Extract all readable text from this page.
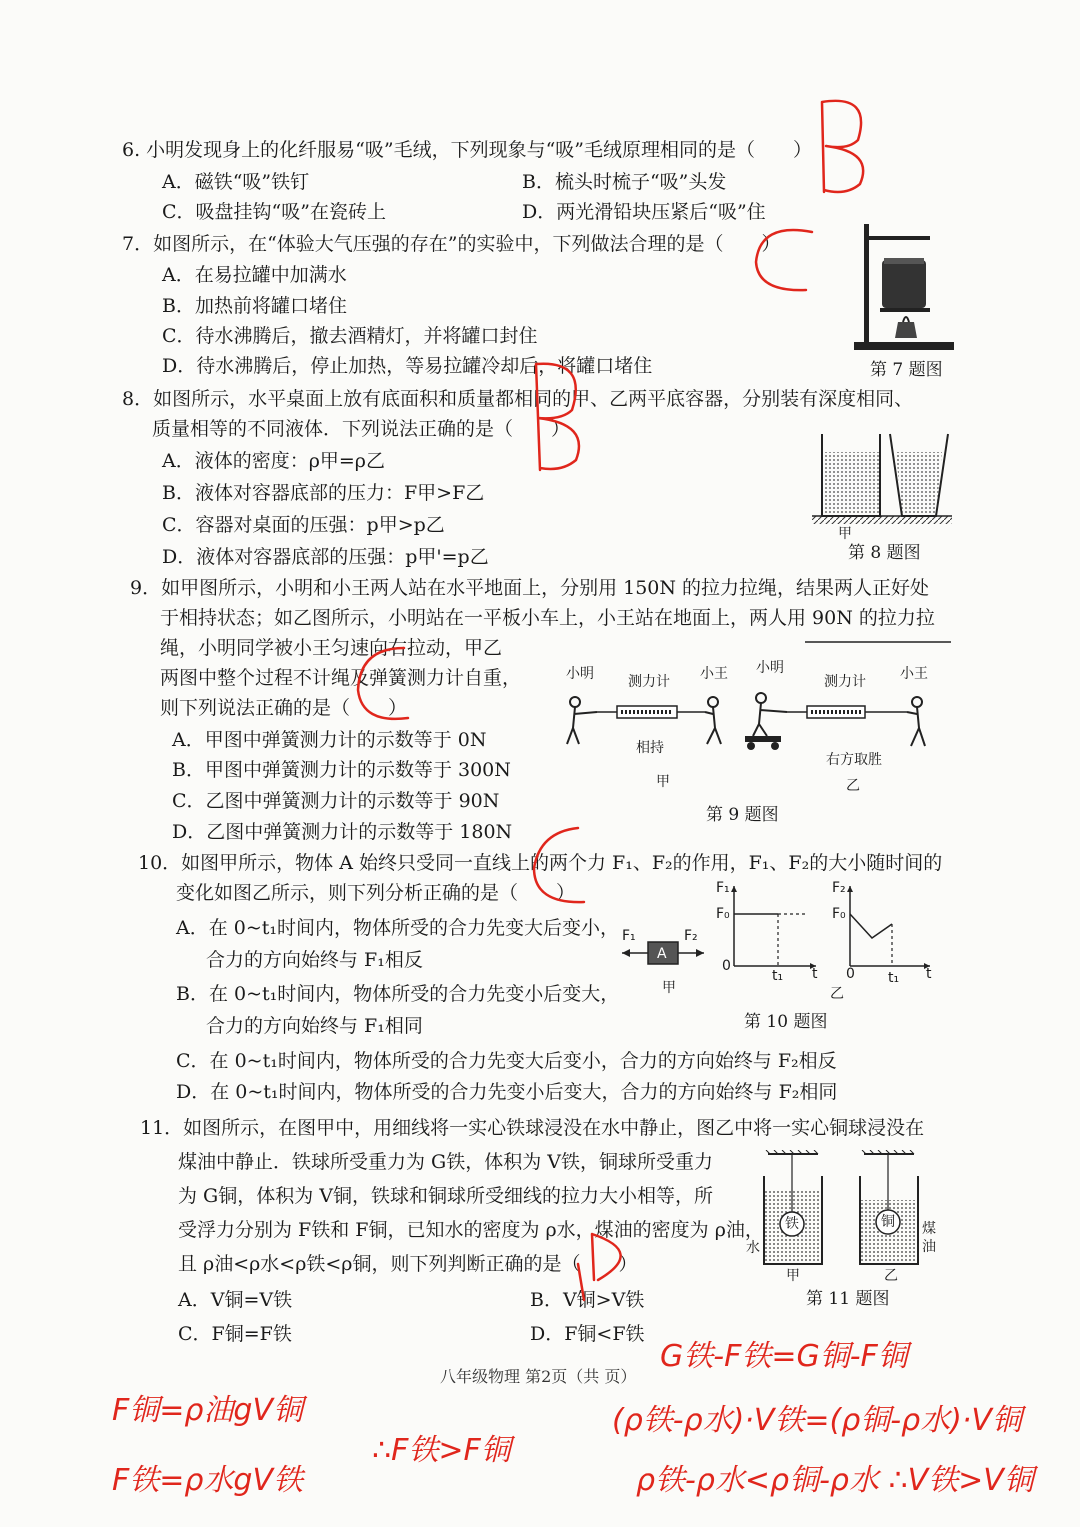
6. 小明发现身上的化纤服易“吸”毛绒，下列现象与“吸”毛绒原理相同的是（　　）
A．磁铁“吸”铁钉	B．梳头时梳子“吸”头发
C．吸盘挂钩“吸”在瓷砖上	D．两光滑铅块压紧后“吸”住
7．如图所示，在“体验大气压强的存在”的实验中，下列做法合理的是（　　）
A．在易拉罐中加满水
B．加热前将罐口堵住
C．待水沸腾后，撤去酒精灯，并将罐口封住
D．待水沸腾后，停止加热，等易拉罐冷却后，将罐口堵住	第 7 题图
8．如图所示，水平桌面上放有底面积和质量都相同的甲、乙两平底容器，分别装有深度相同、
质量相等的不同液体．下列说法正确的是（　　）
A．液体的密度：ρ甲=ρ乙
B．液体对容器底部的压力：F甲>F乙
C．容器对桌面的压强：p甲>p乙
D．液体对容器底部的压强：p甲'=p乙
甲
第 8 题图
9．如甲图所示，小明和小王两人站在水平地面上，分别用 150N 的拉力拉绳，结果两人正好处
于相持状态；如乙图所示，小明站在一平板小车上，小王站在地面上，两人用 90N 的拉力拉
绳，小明同学被小王匀速向右拉动，甲乙
两图中整个过程不计绳及弹簧测力计自重，
则下列说法正确的是（　　）
A．甲图中弹簧测力计的示数等于 0N
B．甲图中弹簧测力计的示数等于 300N
C．乙图中弹簧测力计的示数等于 90N
D．乙图中弹簧测力计的示数等于 180N
小明 测力计 小王 小明
测力计 小王
相持
右方取胜
甲	乙
第 9 题图
10．如图甲所示，物体 A 始终只受同一直线上的两个力 F₁、F₂的作用，F₁、F₂的大小随时间的
变化如图乙所示，则下列分析正确的是（　　）
A．在 0~t₁时间内，物体所受的合力先变大后变小，
合力的方向始终与 F₁相反
B．在 0~t₁时间内，物体所受的合力先变小后变大，
合力的方向始终与 F₁相同
C．在 0~t₁时间内，物体所受的合力先变大后变小，合力的方向始终与 F₂相反
D．在 0~t₁时间内，物体所受的合力先变小后变大，合力的方向始终与 F₂相同
F₁	F₂
A
甲
F₁
F₀
0
t₁ t
F₂
F₀
0 t₁ t
乙
第 10 题图
11．如图所示，在图甲中，用细线将一实心铁球浸没在水中静止，图乙中将一实心铜球浸没在
煤油中静止．铁球所受重力为 G铁，体积为 V铁，铜球所受重力
为 G铜，体积为 V铜，铁球和铜球所受细线的拉力大小相等，所
受浮力分别为 F铁和 F铜，已知水的密度为 ρ水，煤油的密度为 ρ油，
且 ρ油<ρ水<ρ铁<ρ铜，则下列判断正确的是（　　）
A．V铜=V铁	B．V铜>V铁
C．F铜=F铁	D．F铜<F铁
铁	铜
水
煤油
甲	乙
第 11 题图
八年级物理 第2页（共 页）
F铜=ρ油gV铜
F铁=ρ水gV铁
∴F铁>F铜
G铁-F铁=G铜-F铜
(ρ铁-ρ水)·V铁=(ρ铜-ρ水)·V铜
ρ铁-ρ水<ρ铜-ρ水 ∴V铁>V铜
